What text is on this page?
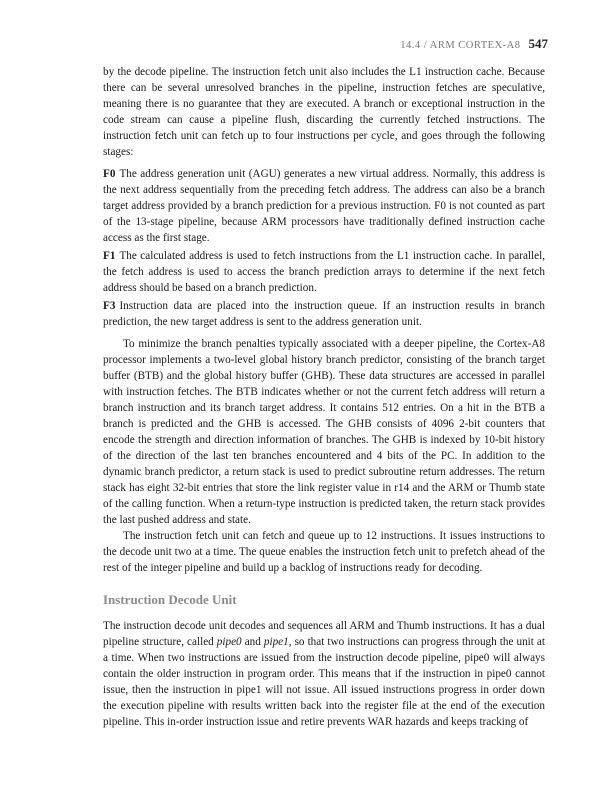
14.4 / ARM CORTEX-A8 547

by the decode pipeline. The instruction fetch unit also includes the L1 instruction cache. Because there can be several unresolved branches in the pipeline, instruction fetches are speculative, meaning there is no guarantee that they are executed. A branch or exceptional instruction in the code stream can cause a pipeline flush, discarding the currently fetched instructions. The instruction fetch unit can fetch up to four instructions per cycle, and goes through the following stages:

F0 The address generation unit (AGU) generates a new virtual address. Normally, this address is the next address sequentially from the preceding fetch address. The address can also be a branch target address provided by a branch prediction for a previous instruction. F0 is not counted as part of the 13-stage pipeline, because ARM processors have traditionally defined instruction cache access as the first stage.

F1 The calculated address is used to fetch instructions from the L1 instruction cache. In parallel, the fetch address is used to access the branch prediction arrays to determine if the next fetch address should be based on a branch prediction.

F3 Instruction data are placed into the instruction queue. If an instruction results in branch prediction, the new target address is sent to the address generation unit.

To minimize the branch penalties typically associated with a deeper pipeline, the Cortex-A8 processor implements a two-level global history branch predictor, consisting of the branch target buffer (BTB) and the global history buffer (GHB). These data structures are accessed in parallel with instruction fetches. The BTB indicates whether or not the current fetch address will return a branch instruction and its branch target address. It contains 512 entries. On a hit in the BTB a branch is predicted and the GHB is accessed. The GHB consists of 4096 2-bit counters that encode the strength and direction information of branches. The GHB is indexed by 10-bit history of the direction of the last ten branches encountered and 4 bits of the PC. In addition to the dynamic branch predictor, a return stack is used to predict subroutine return addresses. The return stack has eight 32-bit entries that store the link register value in r14 and the ARM or Thumb state of the calling function. When a return-type instruction is predicted taken, the return stack provides the last pushed address and state.

The instruction fetch unit can fetch and queue up to 12 instructions. It issues instructions to the decode unit two at a time. The queue enables the instruction fetch unit to prefetch ahead of the rest of the integer pipeline and build up a backlog of instructions ready for decoding.

Instruction Decode Unit

The instruction decode unit decodes and sequences all ARM and Thumb instructions. It has a dual pipeline structure, called pipe0 and pipe1, so that two instructions can progress through the unit at a time. When two instructions are issued from the instruction decode pipeline, pipe0 will always contain the older instruction in program order. This means that if the instruction in pipe0 cannot issue, then the instruction in pipe1 will not issue. All issued instructions progress in order down the execution pipeline with results written back into the register file at the end of the execution pipeline. This in-order instruction issue and retire prevents WAR hazards and keeps tracking of
